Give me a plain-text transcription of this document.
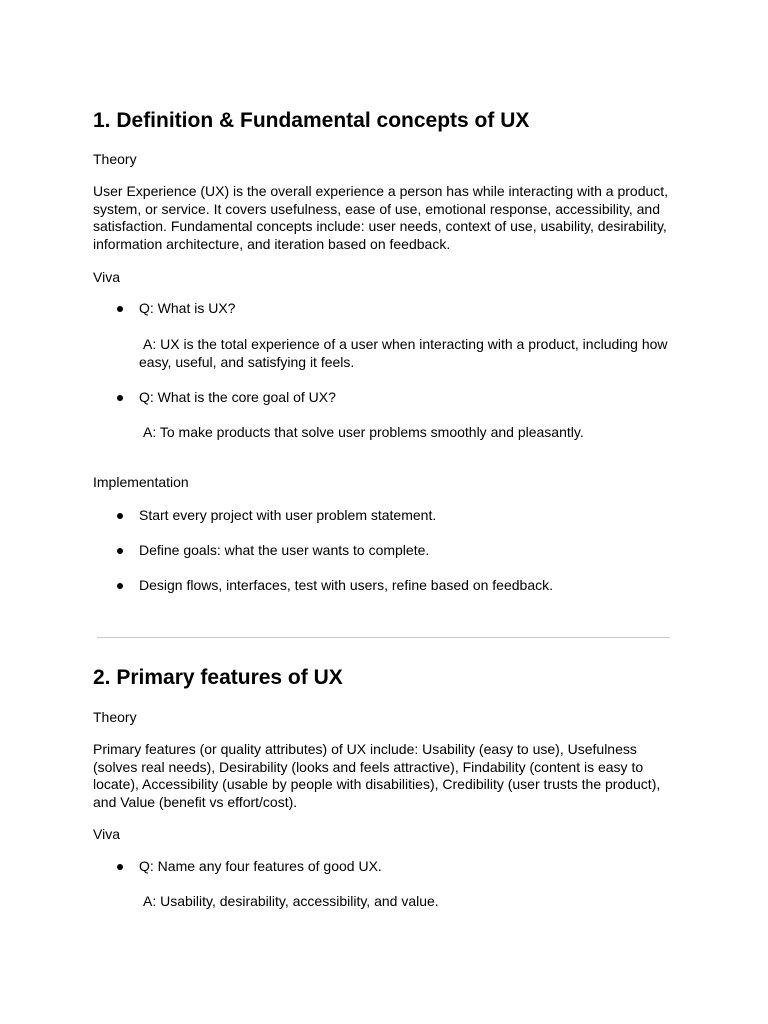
1. Definition & Fundamental concepts of UX
Theory
User Experience (UX) is the overall experience a person has while interacting with a product, system, or service. It covers usefulness, ease of use, emotional response, accessibility, and satisfaction. Fundamental concepts include: user needs, context of use, usability, desirability, information architecture, and iteration based on feedback.
Viva
Q: What is UX?
A: UX is the total experience of a user when interacting with a product, including how easy, useful, and satisfying it feels.
Q: What is the core goal of UX?
A: To make products that solve user problems smoothly and pleasantly.
Implementation
Start every project with user problem statement.
Define goals: what the user wants to complete.
Design flows, interfaces, test with users, refine based on feedback.
2. Primary features of UX
Theory
Primary features (or quality attributes) of UX include: Usability (easy to use), Usefulness (solves real needs), Desirability (looks and feels attractive), Findability (content is easy to locate), Accessibility (usable by people with disabilities), Credibility (user trusts the product), and Value (benefit vs effort/cost).
Viva
Q: Name any four features of good UX.
A: Usability, desirability, accessibility, and value.
